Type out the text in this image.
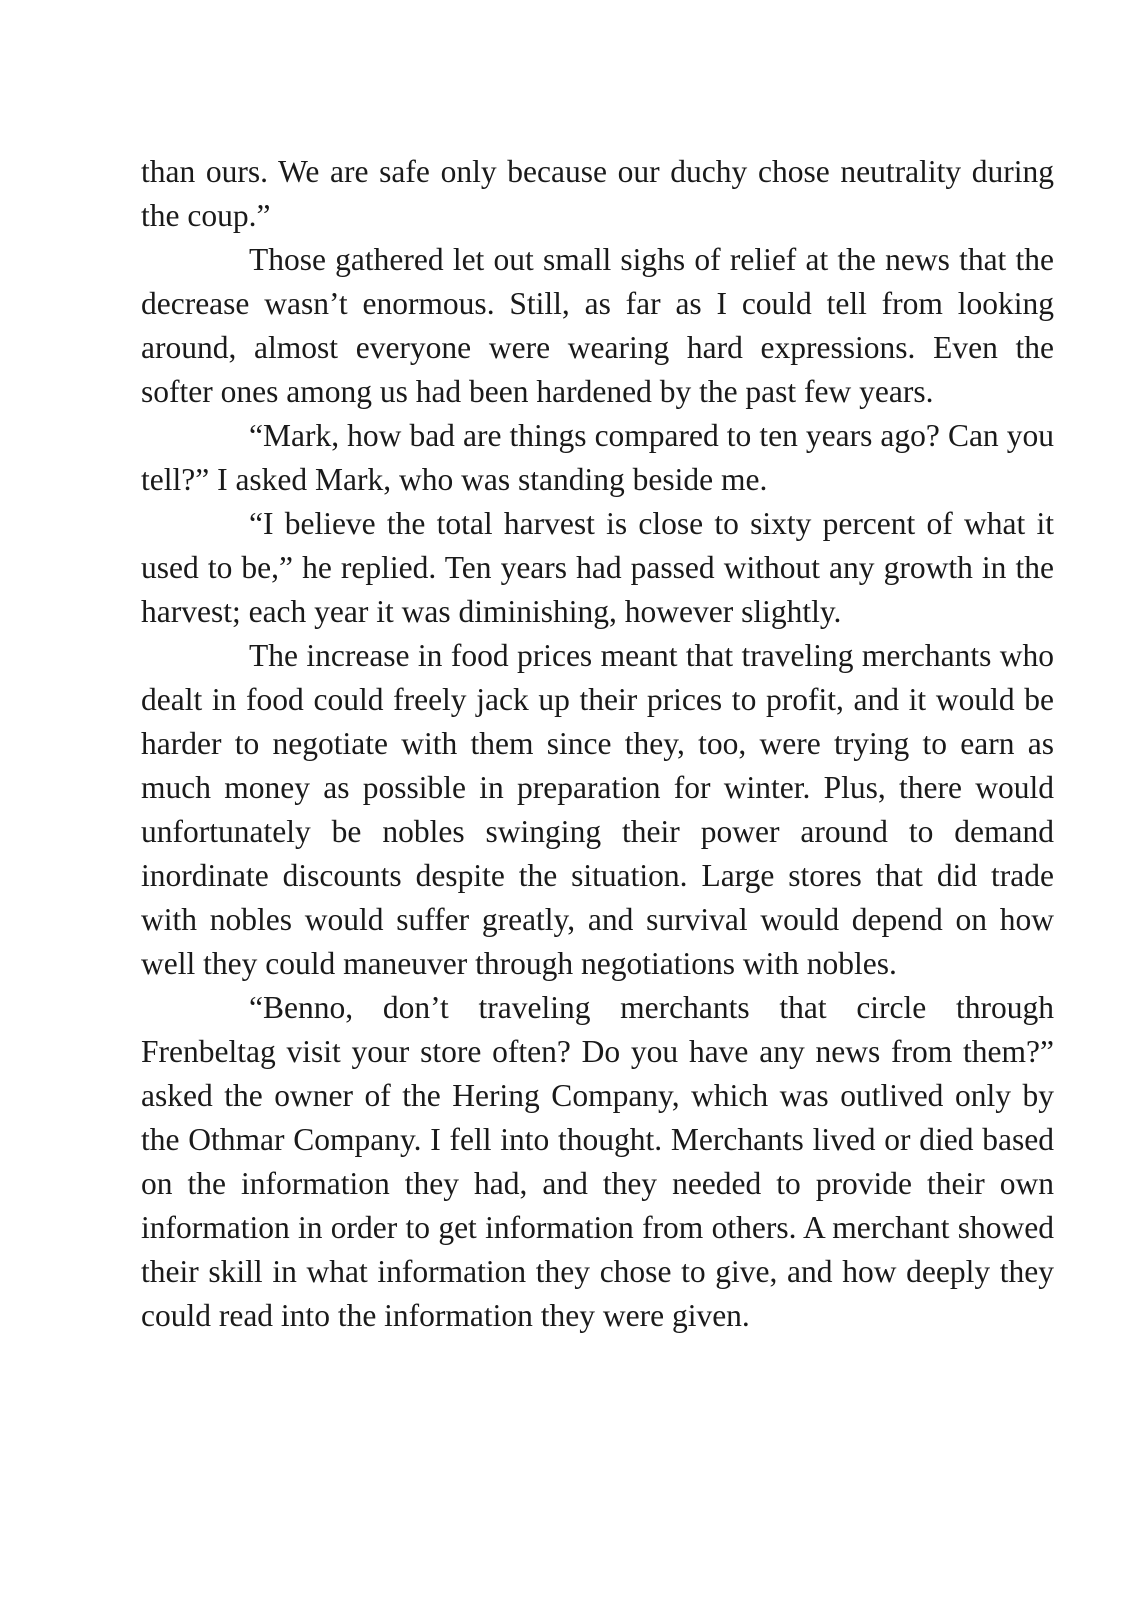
than ours. We are safe only because our duchy chose neutrality during the coup.”

Those gathered let out small sighs of relief at the news that the decrease wasn’t enormous. Still, as far as I could tell from looking around, almost everyone were wearing hard expressions. Even the softer ones among us had been hardened by the past few years.

“Mark, how bad are things compared to ten years ago? Can you tell?” I asked Mark, who was standing beside me.

“I believe the total harvest is close to sixty percent of what it used to be,” he replied. Ten years had passed without any growth in the harvest; each year it was diminishing, however slightly.

The increase in food prices meant that traveling merchants who dealt in food could freely jack up their prices to profit, and it would be harder to negotiate with them since they, too, were trying to earn as much money as possible in preparation for winter. Plus, there would unfortunately be nobles swinging their power around to demand inordinate discounts despite the situation. Large stores that did trade with nobles would suffer greatly, and survival would depend on how well they could maneuver through negotiations with nobles.

“Benno, don’t traveling merchants that circle through Frenbeltag visit your store often? Do you have any news from them?” asked the owner of the Hering Company, which was outlived only by the Othmar Company. I fell into thought. Merchants lived or died based on the information they had, and they needed to provide their own information in order to get information from others. A merchant showed their skill in what information they chose to give, and how deeply they could read into the information they were given.
